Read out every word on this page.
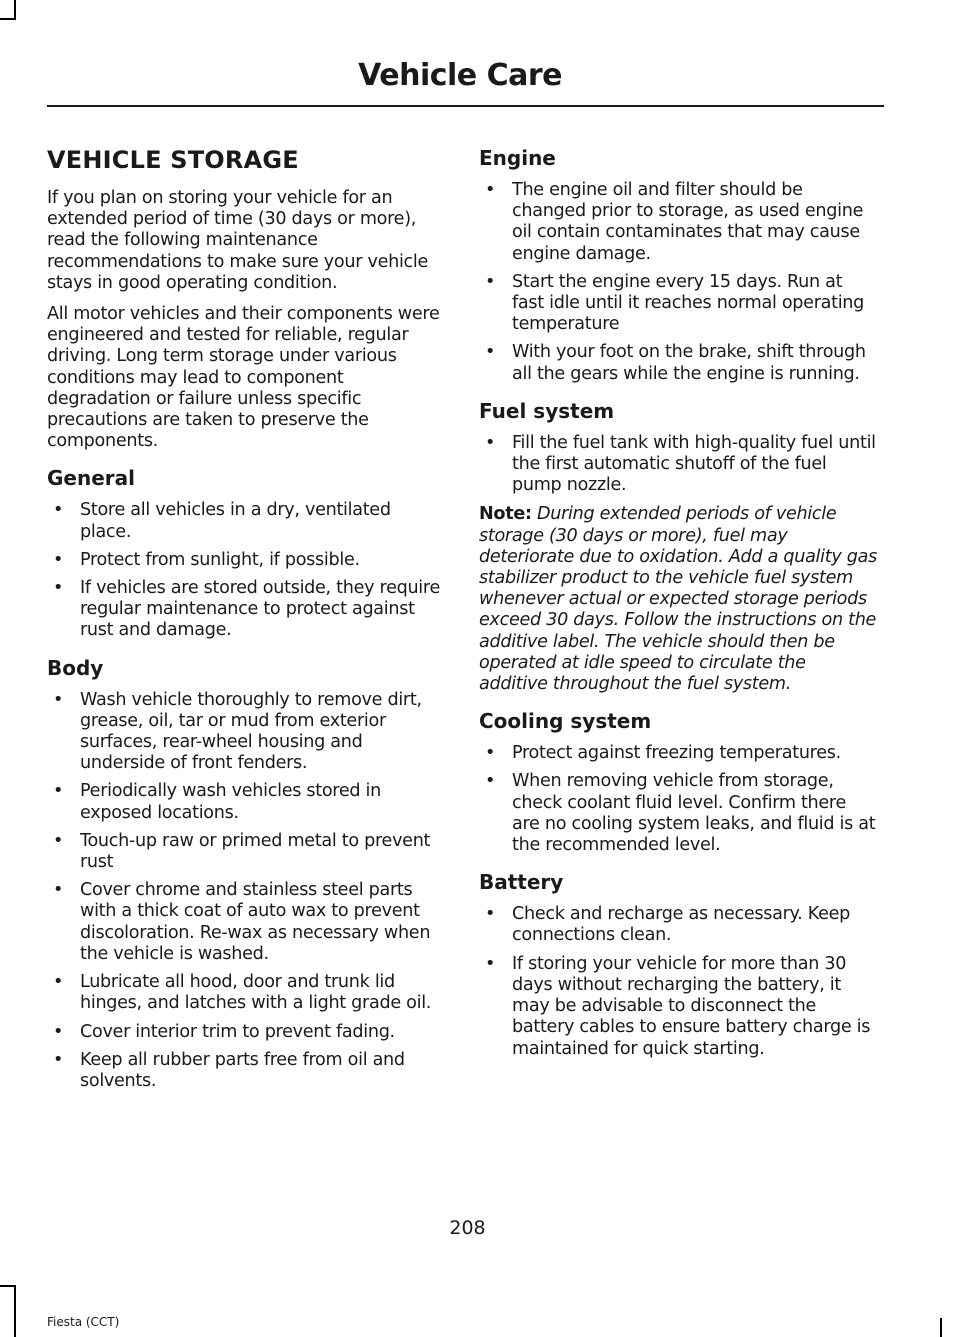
Vehicle Care
VEHICLE STORAGE

If you plan on storing your vehicle for an extended period of time (30 days or more), read the following maintenance recommendations to make sure your vehicle stays in good operating condition.

All motor vehicles and their components were engineered and tested for reliable, regular driving. Long term storage under various conditions may lead to component degradation or failure unless specific precautions are taken to preserve the components.

General
• Store all vehicles in a dry, ventilated place.
• Protect from sunlight, if possible.
• If vehicles are stored outside, they require regular maintenance to protect against rust and damage.
Body
• Wash vehicle thoroughly to remove dirt, grease, oil, tar or mud from exterior surfaces, rear-wheel housing and underside of front fenders.
• Periodically wash vehicles stored in exposed locations.
• Touch-up raw or primed metal to prevent rust
• Cover chrome and stainless steel parts with a thick coat of auto wax to prevent discoloration. Re-wax as necessary when the vehicle is washed.
• Lubricate all hood, door and trunk lid hinges, and latches with a light grade oil.
• Cover interior trim to prevent fading.
• Keep all rubber parts free from oil and solvents.
Engine
• The engine oil and filter should be changed prior to storage, as used engine oil contain contaminates that may cause engine damage.
• Start the engine every 15 days. Run at fast idle until it reaches normal operating temperature
• With your foot on the brake, shift through all the gears while the engine is running.
Fuel system
• Fill the fuel tank with high-quality fuel until the first automatic shutoff of the fuel pump nozzle.

Note: During extended periods of vehicle storage (30 days or more), fuel may deteriorate due to oxidation. Add a quality gas stabilizer product to the vehicle fuel system whenever actual or expected storage periods exceed 30 days. Follow the instructions on the additive label. The vehicle should then be operated at idle speed to circulate the additive throughout the fuel system.

Cooling system
• Protect against freezing temperatures.
• When removing vehicle from storage, check coolant fluid level. Confirm there are no cooling system leaks, and fluid is at the recommended level.
Battery
• Check and recharge as necessary. Keep connections clean.
• If storing your vehicle for more than 30 days without recharging the battery, it may be advisable to disconnect the battery cables to ensure battery charge is maintained for quick starting.
208
Fiesta (CCT)
